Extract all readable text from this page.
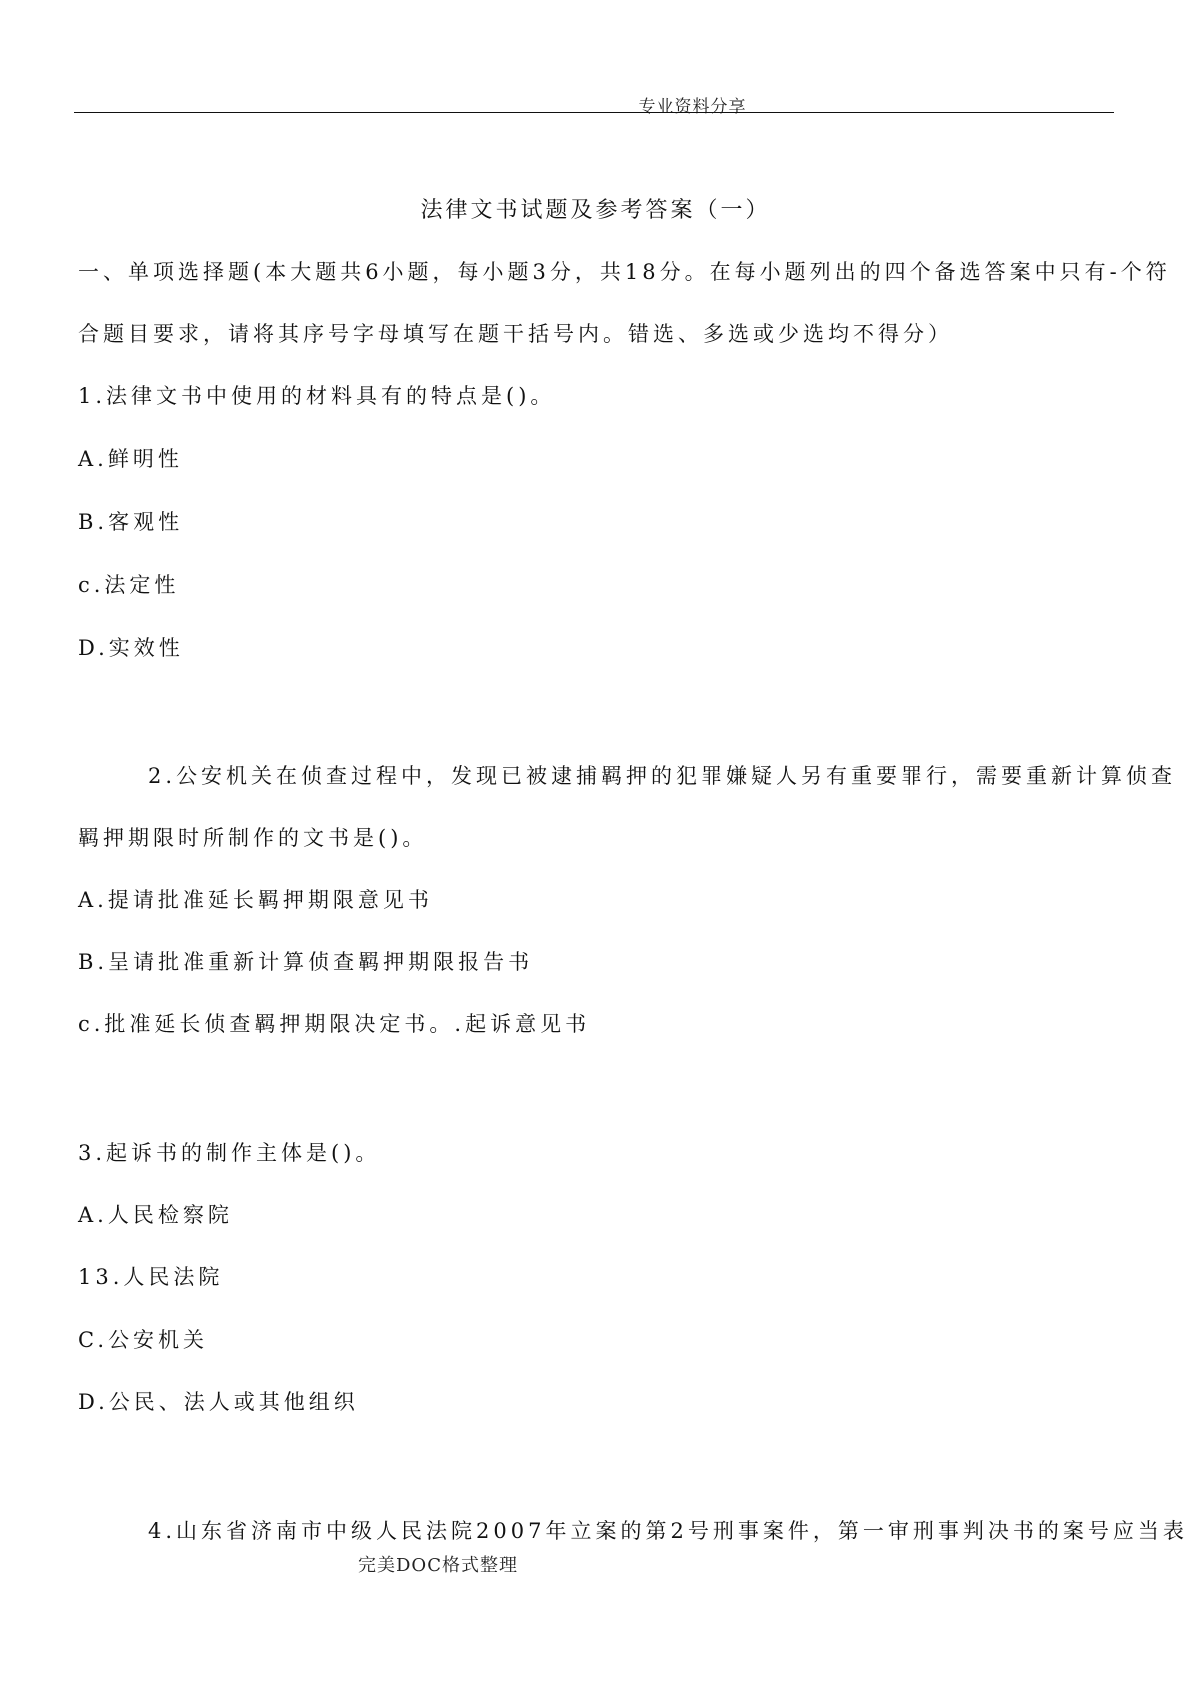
专业资料分享
法律文书试题及参考答案（一）
一、单项选择题(本大题共6小题，每小题3分，共18分。在每小题列出的四个备选答案中只有-个符
合题目要求，请将其序号字母填写在题干括号内。错选、多选或少选均不得分）
1.法律文书中使用的材料具有的特点是()。
A.鲜明性
B.客观性
c.法定性
D.实效性
2.公安机关在侦查过程中，发现已被逮捕羁押的犯罪嫌疑人另有重要罪行，需要重新计算侦查
羁押期限时所制作的文书是()。
A.提请批准延长羁押期限意见书
B.呈请批准重新计算侦查羁押期限报告书
c.批准延长侦查羁押期限决定书。.起诉意见书
3.起诉书的制作主体是()。
A.人民检察院
13.人民法院
C.公安机关
D.公民、法人或其他组织
4.山东省济南市中级人民法院2007年立案的第2号刑事案件，第一审刑事判决书的案号应当表
完美DOC格式整理
